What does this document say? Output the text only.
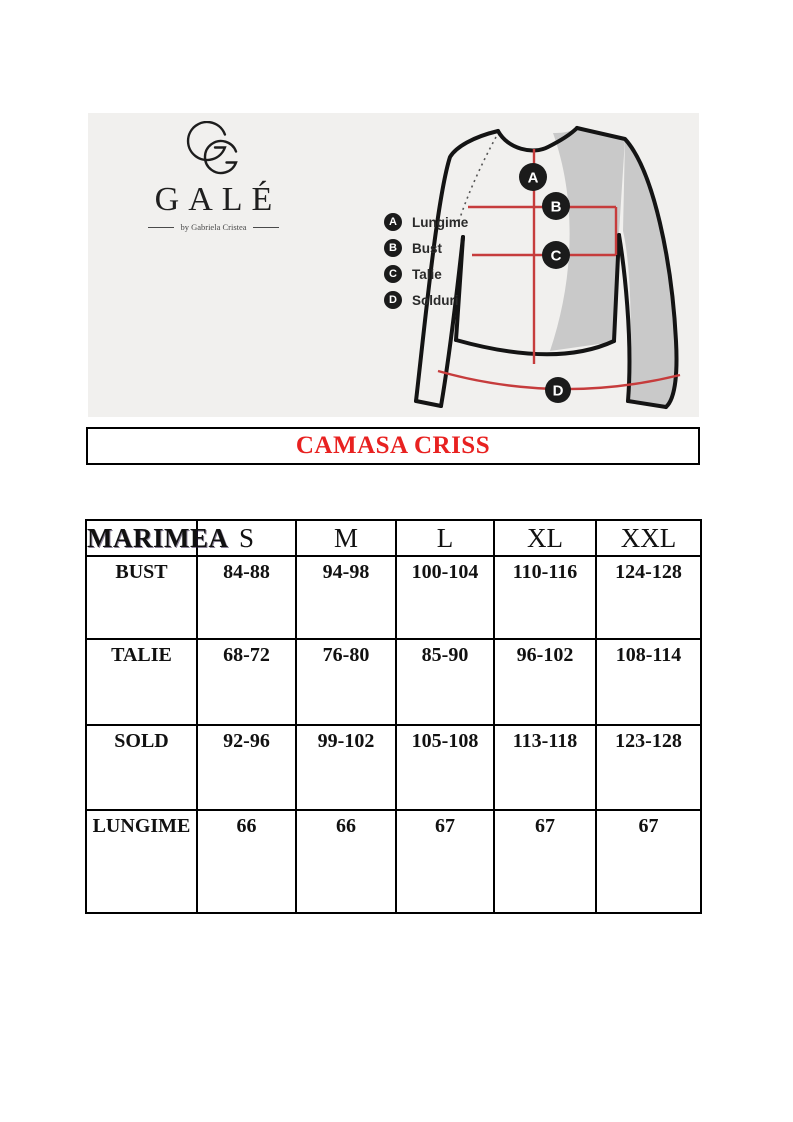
A
B
C
D
GALÉ
by Gabriela Cristea	A	Lungime
B	Bust
C	Talie
D	Solduri
CAMASA CRISS
MARIMEA	S	M	L	XL	XXL
BUST	84-88	94-98	100-104	110-116	124-128
TALIE	68-72	76-80	85-90	96-102	108-114
SOLD	92-96	99-102	105-108	113-118	123-128
LUNGIME	66	66	67	67	67
